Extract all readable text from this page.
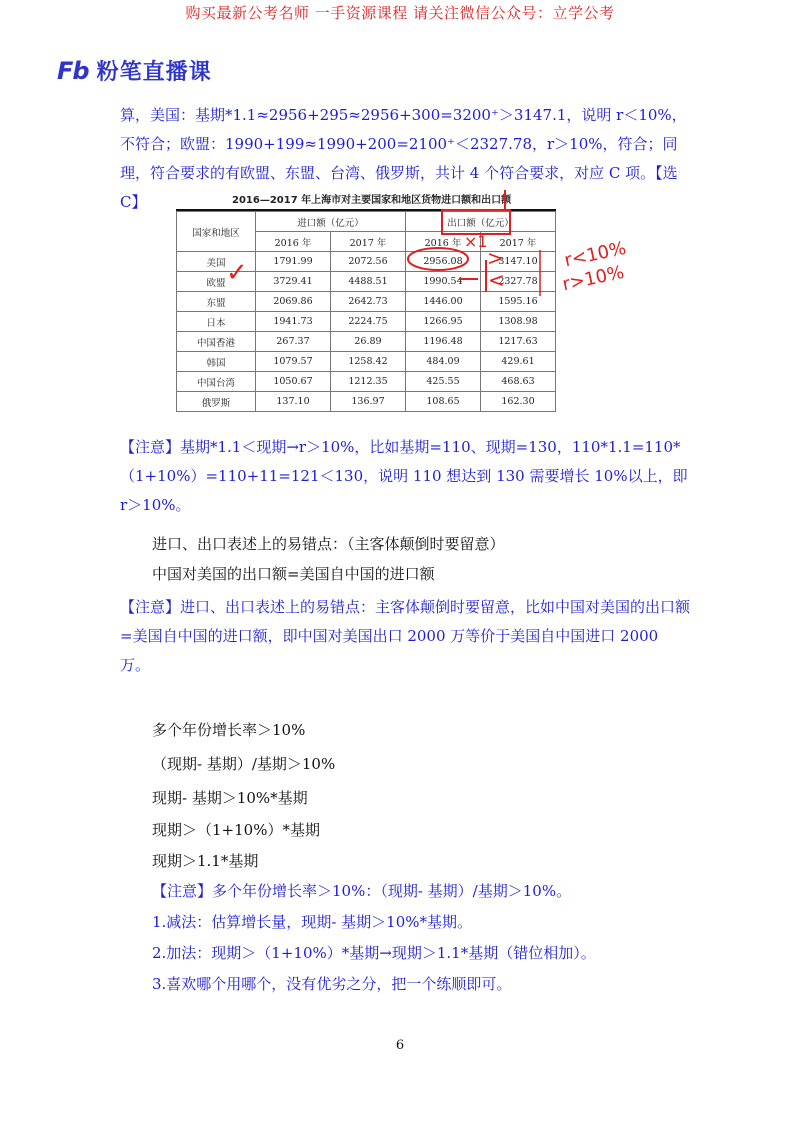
购买最新公考名师 一手资源课程 请关注微信公众号：立学公考
Fb 粉笔直播课
算，美国：基期*1.1≈2956+295≈2956+300=3200⁺＞3147.1，说明 r＜10%，不符合；欧盟：1990+199≈1990+200=2100⁺＜2327.78，r＞10%，符合；同理，符合要求的有欧盟、东盟、台湾、俄罗斯，共计 4 个符合要求，对应 C 项。【选 C】	2016—2017 年上海市对主要国家和地区货物进口额和出口额
国家和地区	进口额（亿元）		出口额（亿元）	
	2016 年	2017 年	2016 年	2017 年
美国	1791.99	2072.56	2956.08	3147.10
欧盟	3729.41	4488.51	1990.54	2327.78
东盟	2069.86	2642.73	1446.00	1595.16
日本	1941.73	2224.75	1266.95	1308.98
中国香港	267.37	26.89	1196.48	1217.63
韩国	1079.57	1258.42	484.09	429.61
中国台湾	1050.67	1212.35	425.55	468.63
俄罗斯	137.10	136.97	108.65	162.30
✓
r<10%
r>10%
×1
>
<
【注意】基期*1.1＜现期→r＞10%，比如基期=110、现期=130，110*1.1=110*（1+10%）=110+11=121＜130，说明 110 想达到 130 需要增长 10%以上，即 r＞10%。
进口、出口表述上的易错点：（主客体颠倒时要留意）
中国对美国的出口额=美国自中国的进口额
【注意】进口、出口表述上的易错点：主客体颠倒时要留意，比如中国对美国的出口额=美国自中国的进口额，即中国对美国出口 2000 万等价于美国自中国进口 2000 万。
多个年份增长率＞10%
（现期- 基期）/基期＞10%
现期- 基期＞10%*基期
现期＞（1+10%）*基期
现期＞1.1*基期
【注意】多个年份增长率＞10%：（现期- 基期）/基期＞10%。
1.减法：估算增长量，现期- 基期＞10%*基期。
2.加法：现期＞（1+10%）*基期→现期＞1.1*基期（错位相加）。
3.喜欢哪个用哪个，没有优劣之分，把一个练顺即可。
6
